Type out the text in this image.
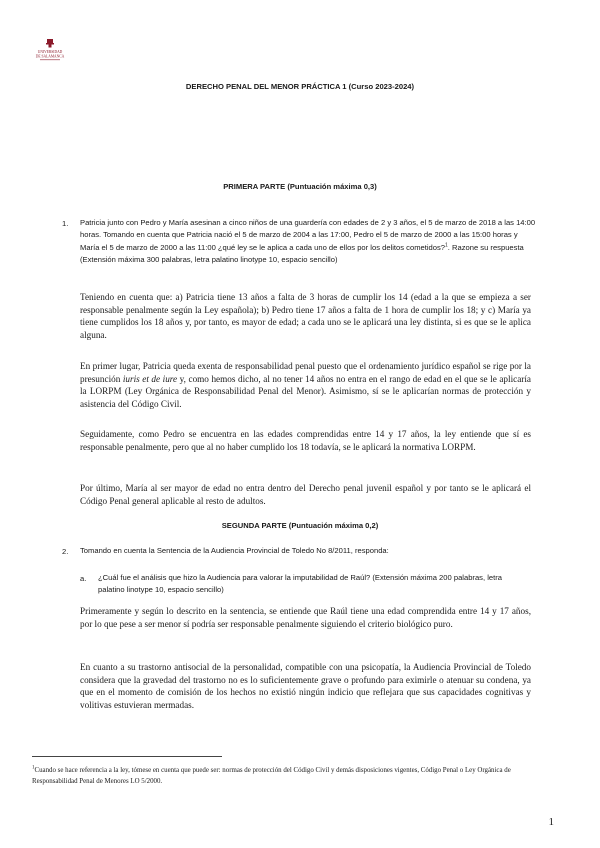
UNIVERSIDAD
DE SALAMANCA
DERECHO PENAL DEL MENOR PRÁCTICA 1 (Curso 2023-2024)
PRIMERA PARTE (Puntuación máxima 0,3)
1. Patricia junto con Pedro y María asesinan a cinco niños de una guardería con edades de 2 y 3 años, el 5 de marzo de 2018 a las 14:00 horas. Tomando en cuenta que Patricia nació el 5 de marzo de 2004 a las 17:00, Pedro el 5 de marzo de 2000 a las 15:00 horas y María el 5 de marzo de 2000 a las 11:00 ¿qué ley se le aplica a cada uno de ellos por los delitos cometidos?$^1$. Razone su respuesta (Extensión máxima 300 palabras, letra palatino linotype 10, espacio sencillo)
Teniendo en cuenta que: a) Patricia tiene 13 años a falta de 3 horas de cumplir los 14 (edad a la que se empieza a ser responsable penalmente según la Ley española); b) Pedro tiene 17 años a falta de 1 hora de cumplir los 18; y c) María ya tiene cumplidos los 18 años y, por tanto, es mayor de edad; a cada uno se le aplicará una ley distinta, si es que se le aplica alguna.
En primer lugar, Patricia queda exenta de responsabilidad penal puesto que el ordenamiento jurídico español se rige por la presunción iuris et de iure y, como hemos dicho, al no tener 14 años no entra en el rango de edad en el que se le aplicaría la LORPM (Ley Orgánica de Responsabilidad Penal del Menor). Asimismo, sí se le aplicarían normas de protección y asistencia del Código Civil.
Seguidamente, como Pedro se encuentra en las edades comprendidas entre 14 y 17 años, la ley entiende que sí es responsable penalmente, pero que al no haber cumplido los 18 todavía, se le aplicará la normativa LORPM.
Por último, María al ser mayor de edad no entra dentro del Derecho penal juvenil español y por tanto se le aplicará el Código Penal general aplicable al resto de adultos.
SEGUNDA PARTE (Puntuación máxima 0,2)
2. Tomando en cuenta la Sentencia de la Audiencia Provincial de Toledo No 8/2011, responda:
a. ¿Cuál fue el análisis que hizo la Audiencia para valorar la imputabilidad de Raúl? (Extensión máxima 200 palabras, letra palatino linotype 10, espacio sencillo)
Primeramente y según lo descrito en la sentencia, se entiende que Raúl tiene una edad comprendida entre 14 y 17 años, por lo que pese a ser menor sí podría ser responsable penalmente siguiendo el criterio biológico puro.
En cuanto a su trastorno antisocial de la personalidad, compatible con una psicopatía, la Audiencia Provincial de Toledo considera que la gravedad del trastorno no es lo suficientemente grave o profundo para eximirle o atenuar su condena, ya que en el momento de comisión de los hechos no existió ningún indicio que reflejara que sus capacidades cognitivas y volitivas estuvieran mermadas.
$^1$Cuando se hace referencia a la ley, tómese en cuenta que puede ser: normas de protección del Código Civil y demás disposiciones vigentes, Código Penal o Ley Orgánica de Responsabilidad Penal de Menores LO 5/2000.
1
